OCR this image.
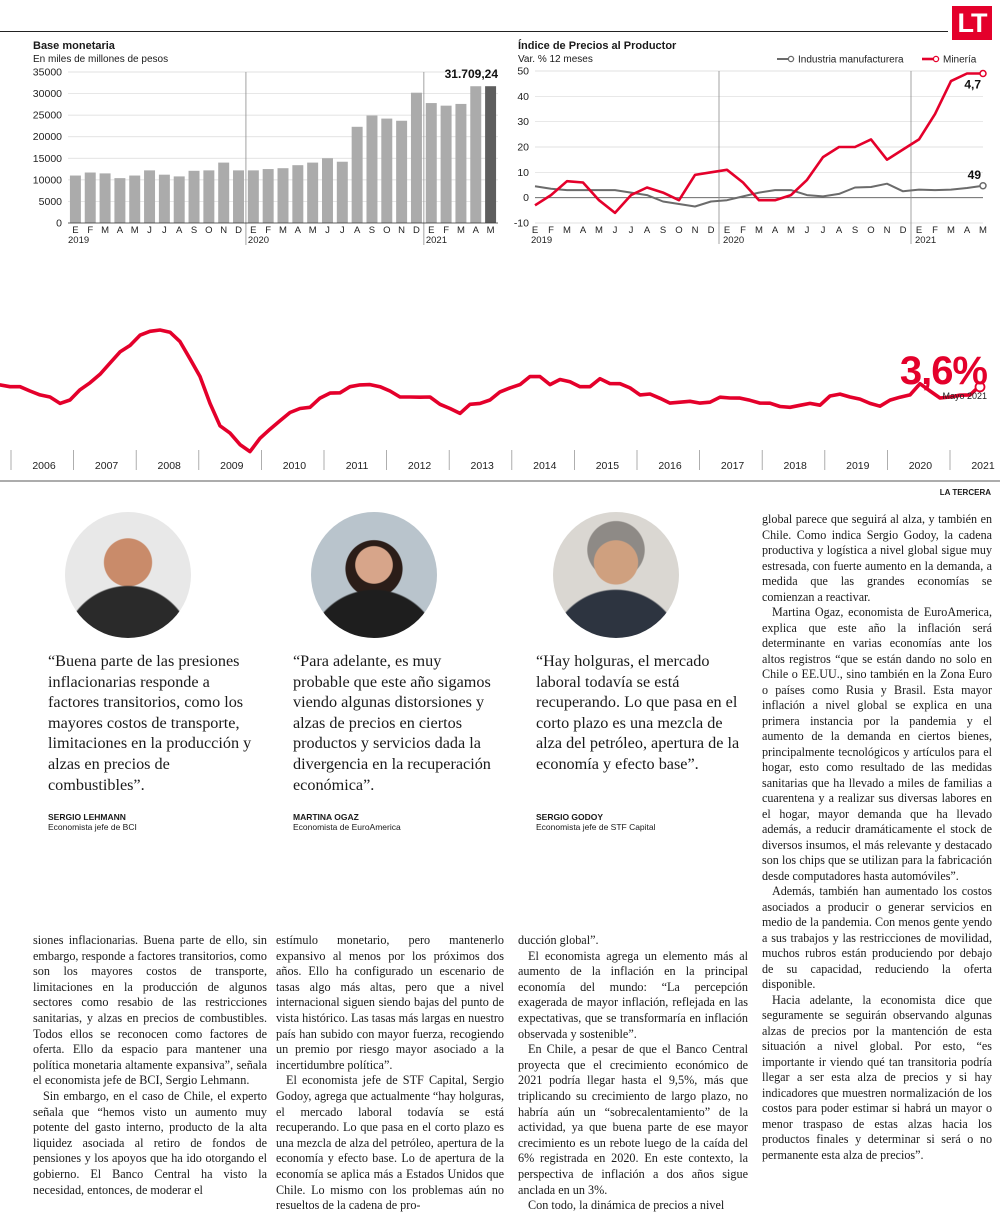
LT
Base monetaria
En miles de millones de pesos
0
5000
10000
15000
20000
25000
30000
35000
E F M A M J J A S O N D E F M A M J J A S O N D E F M A M
2019	2020	2021
31.709,24
Índice de Precios al Productor
Var. % 12 meses
-10
0
10
20
30
40
50
E F M A M J J A S O N D E F M A M J J A S O N D E F M A M
2019	2020	2021
49
4,7
Industria manufacturera	Minería
2006	2007	2008	2009	2010	2011	2012	2013	2014	2015	2016	2017	2018	2019	2020	2021
3,6%
Mayo 2021
LA TERCERA
“Buena parte de las presiones inflacionarias responde a factores transitorios, como los mayores costos de transporte, limitaciones en la producción y alzas en precios de combustibles”.
SERGIO LEHMANN
Economista jefe de BCI
“Para adelante, es muy probable que este año sigamos viendo algunas distorsiones y alzas de precios en ciertos productos y servicios dada la divergencia en la recuperación económica”.
MARTINA OGAZ
Economista de EuroAmerica
“Hay holguras, el mercado laboral todavía se está recuperando. Lo que pasa en el corto plazo es una mezcla de alza del petróleo, apertura de la economía y efecto base”.
SERGIO GODOY
Economista jefe de STF Capital

siones inflacionarias. Buena parte de ello, sin embargo, responde a factores transitorios, como son los mayores costos de transporte, limitaciones en la producción de algunos sectores como resabio de las restricciones sanitarias, y alzas en precios de combustibles. Todos ellos se reconocen como factores de oferta. Ello da espacio para mantener una política monetaria altamente expansiva”, señala el economista jefe de BCI, Sergio Lehmann.

Sin embargo, en el caso de Chile, el experto señala que “hemos visto un aumento muy potente del gasto interno, producto de la alta liquidez asociada al retiro de fondos de pensiones y los apoyos que ha ido otorgando el gobierno. El Banco Central ha visto la necesidad, entonces, de moderar el

estímulo monetario, pero mantenerlo expansivo al menos por los próximos dos años. Ello ha configurado un escenario de tasas algo más altas, pero que a nivel internacional siguen siendo bajas del punto de vista histórico. Las tasas más largas en nuestro país han subido con mayor fuerza, recogiendo un premio por riesgo mayor asociado a la incertidumbre política”.

El economista jefe de STF Capital, Sergio Godoy, agrega que actualmente “hay holguras, el mercado laboral todavía se está recuperando. Lo que pasa en el corto plazo es una mezcla de alza del petróleo, apertura de la economía y efecto base. Lo de apertura de la economía se aplica más a Estados Unidos que Chile. Lo mismo con los problemas aún no resueltos de la cadena de pro-

ducción global”.

El economista agrega un elemento más al aumento de la inflación en la principal economía del mundo: “La percepción exagerada de mayor inflación, reflejada en las expectativas, que se transformaría en inflación observada y sostenible”.

En Chile, a pesar de que el Banco Central proyecta que el crecimiento económico de 2021 podría llegar hasta el 9,5%, más que triplicando su crecimiento de largo plazo, no habría aún un “sobrecalentamiento” de la actividad, ya que buena parte de ese mayor crecimiento es un rebote luego de la caída del 6% registrada en 2020. En este contexto, la perspectiva de inflación a dos años sigue anclada en un 3%.

Con todo, la dinámica de precios a nivel

global parece que seguirá al alza, y también en Chile. Como indica Sergio Godoy, la cadena productiva y logística a nivel global sigue muy estresada, con fuerte aumento en la demanda, a medida que las grandes economías se comienzan a reactivar.

Martina Ogaz, economista de EuroAmerica, explica que este año la inflación será determinante en varias economías ante los altos registros “que se están dando no solo en Chile o EE.UU., sino también en la Zona Euro o países como Rusia y Brasil. Esta mayor inflación a nivel global se explica en una primera instancia por la pandemia y el aumento de la demanda en ciertos bienes, principalmente tecnológicos y artículos para el hogar, esto como resultado de las medidas sanitarias que ha llevado a miles de familias a cuarentena y a realizar sus diversas labores en el hogar, mayor demanda que ha llevado además, a reducir dramáticamente el stock de diversos insumos, el más relevante y destacado son los chips que se utilizan para la fabricación desde computadores hasta automóviles”.

Además, también han aumentado los costos asociados a producir o generar servicios en medio de la pandemia. Con menos gente yendo a sus trabajos y las restricciones de movilidad, muchos rubros están produciendo por debajo de su capacidad, reduciendo la oferta disponible.

Hacia adelante, la economista dice que seguramente se seguirán observando algunas alzas de precios por la mantención de esta situación a nivel global. Por esto, “es importante ir viendo qué tan transitoria podría llegar a ser esta alza de precios y si hay indicadores que muestren normalización de los costos para poder estimar si habrá un mayor o menor traspaso de estas alzas hacia los productos finales y determinar si será o no permanente esta alza de precios”.
